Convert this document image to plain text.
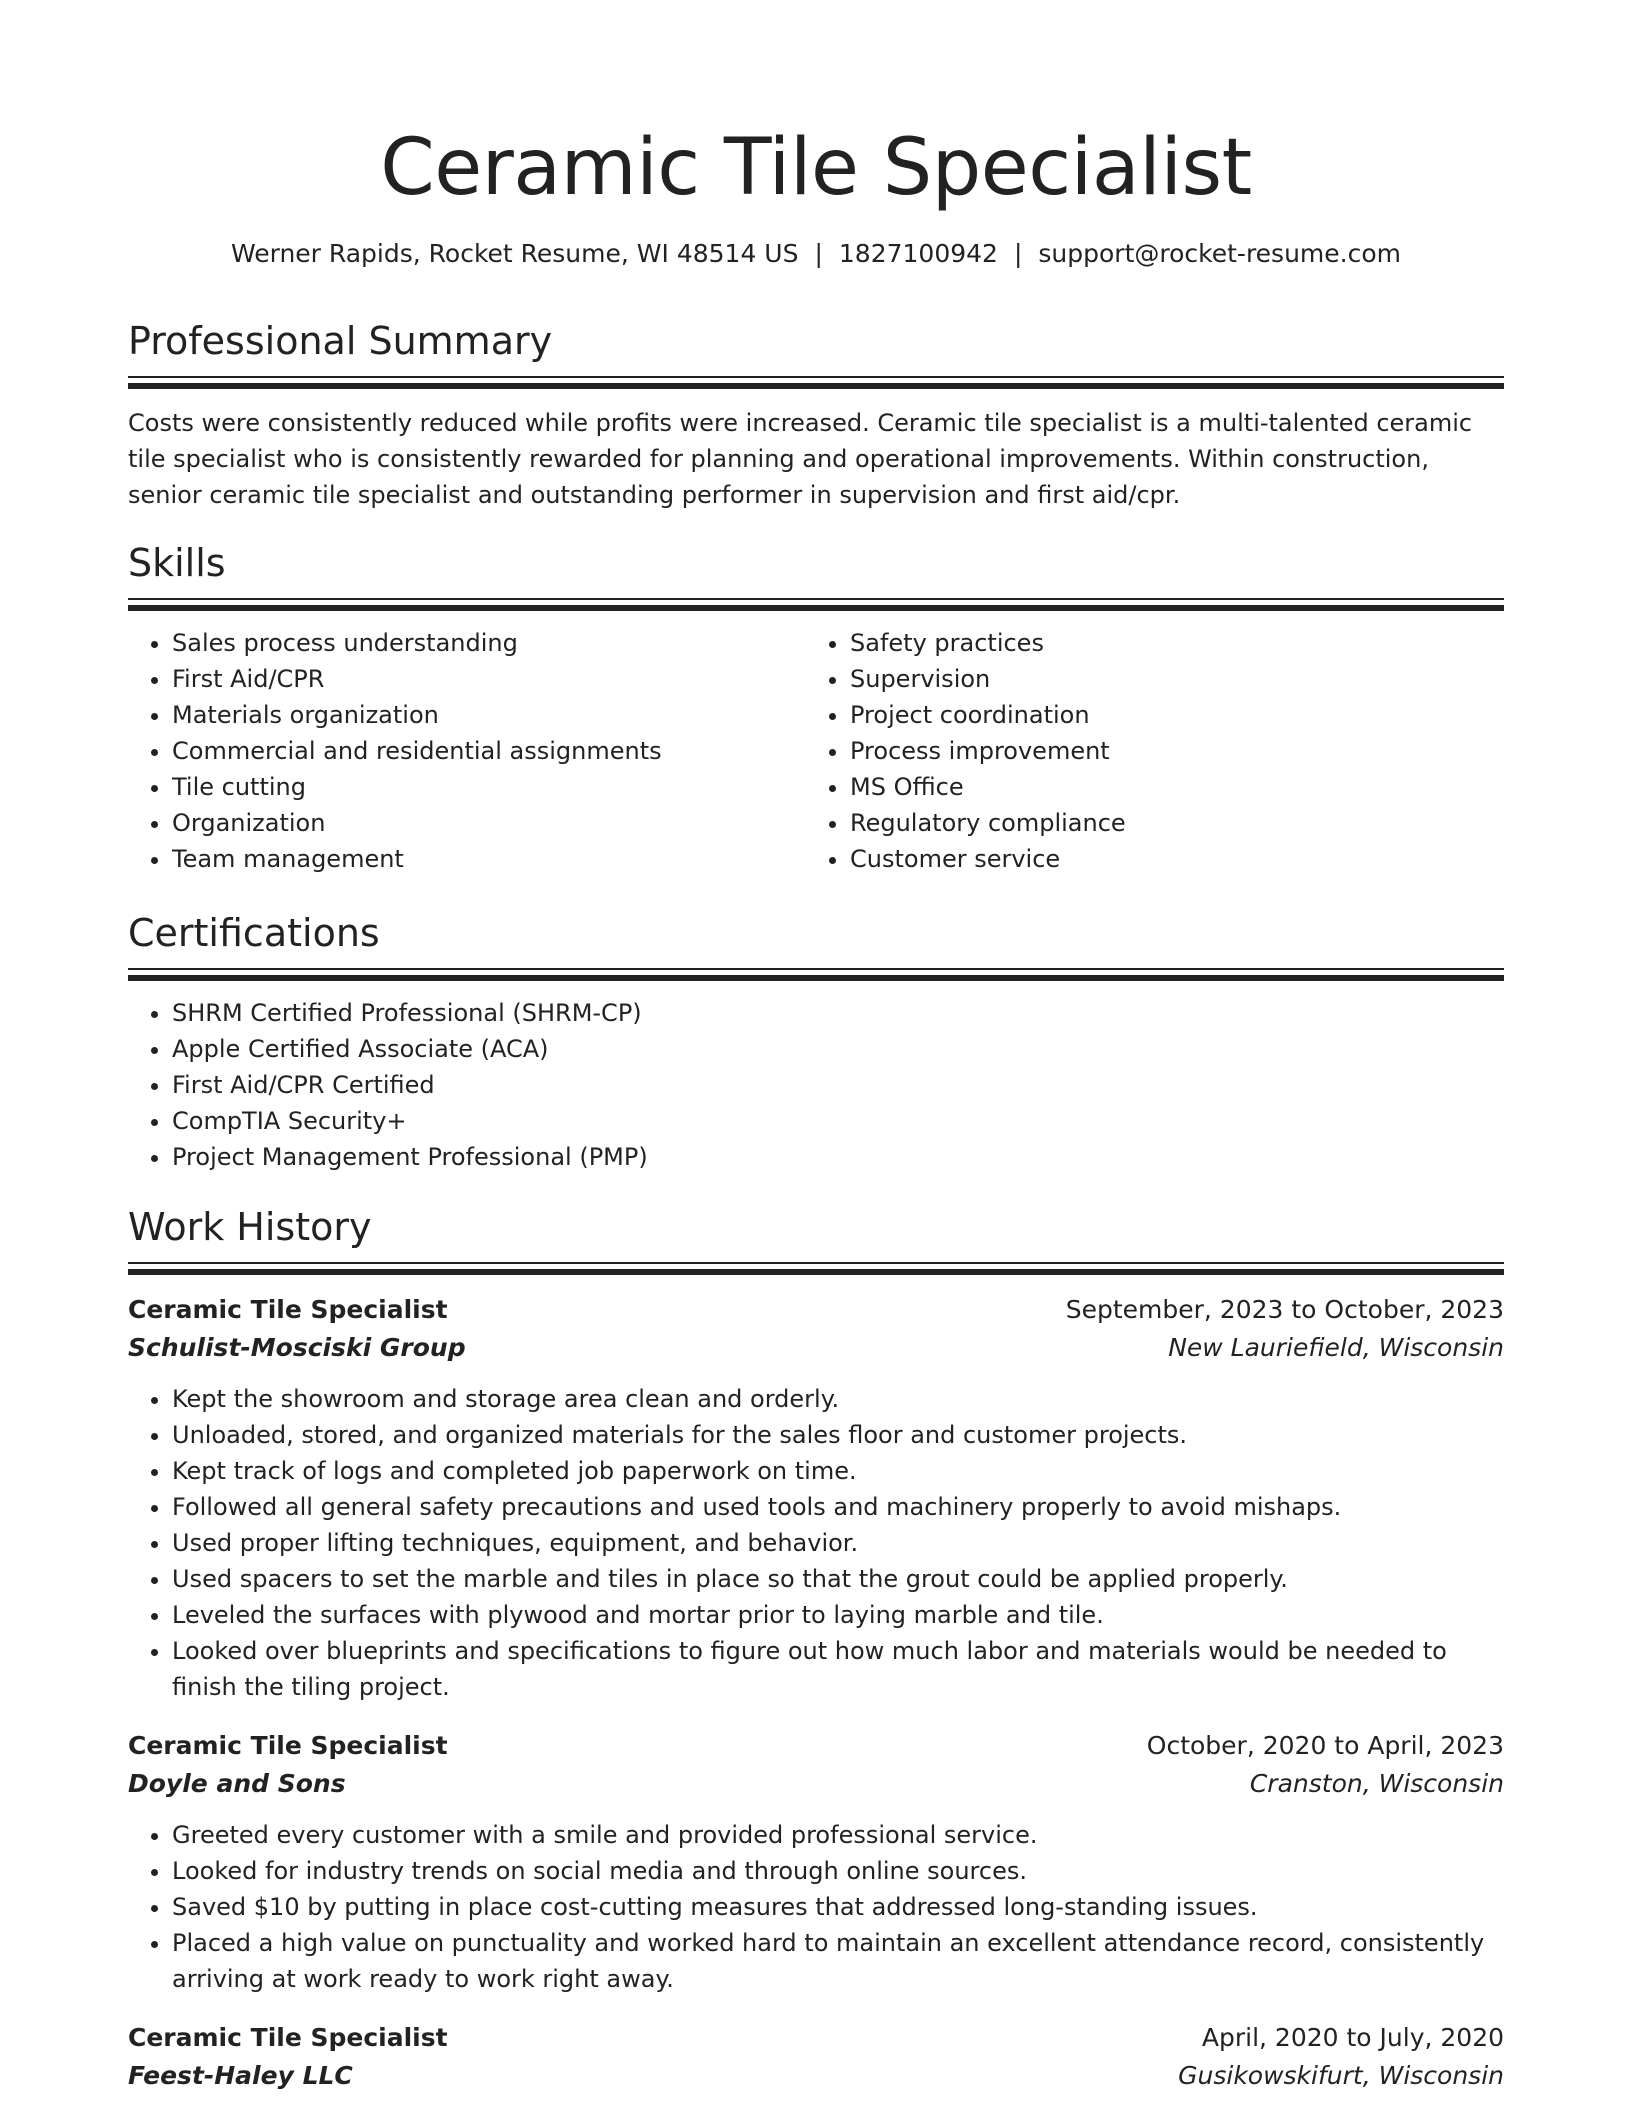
Ceramic Tile Specialist
Werner Rapids, Rocket Resume, WI 48514 US | 1827100942 | support@rocket-resume.com
Professional Summary
Costs were consistently reduced while profits were increased. Ceramic tile specialist is a multi-talented ceramic tile specialist who is consistently rewarded for planning and operational improvements. Within construction, senior ceramic tile specialist and outstanding performer in supervision and first aid/cpr.
Skills
• Sales process understanding
• First Aid/CPR
• Materials organization
• Commercial and residential assignments
• Tile cutting
• Organization
• Team management
• Safety practices
• Supervision
• Project coordination
• Process improvement
• MS Office
• Regulatory compliance
• Customer service
Certifications
• SHRM Certified Professional (SHRM-CP)
• Apple Certified Associate (ACA)
• First Aid/CPR Certified
• CompTIA Security+
• Project Management Professional (PMP)
Work History
Ceramic Tile Specialist	September, 2023 to October, 2023
Schulist-Mosciski Group	New Lauriefield, Wisconsin
• Kept the showroom and storage area clean and orderly.
• Unloaded, stored, and organized materials for the sales floor and customer projects.
• Kept track of logs and completed job paperwork on time.
• Followed all general safety precautions and used tools and machinery properly to avoid mishaps.
• Used proper lifting techniques, equipment, and behavior.
• Used spacers to set the marble and tiles in place so that the grout could be applied properly.
• Leveled the surfaces with plywood and mortar prior to laying marble and tile.
• Looked over blueprints and specifications to figure out how much labor and materials would be needed to finish the tiling project.
Ceramic Tile Specialist	October, 2020 to April, 2023
Doyle and Sons	Cranston, Wisconsin
• Greeted every customer with a smile and provided professional service.
• Looked for industry trends on social media and through online sources.
• Saved $10 by putting in place cost-cutting measures that addressed long-standing issues.
• Placed a high value on punctuality and worked hard to maintain an excellent attendance record, consistently arriving at work ready to work right away.
Ceramic Tile Specialist	April, 2020 to July, 2020
Feest-Haley LLC	Gusikowskifurt, Wisconsin
